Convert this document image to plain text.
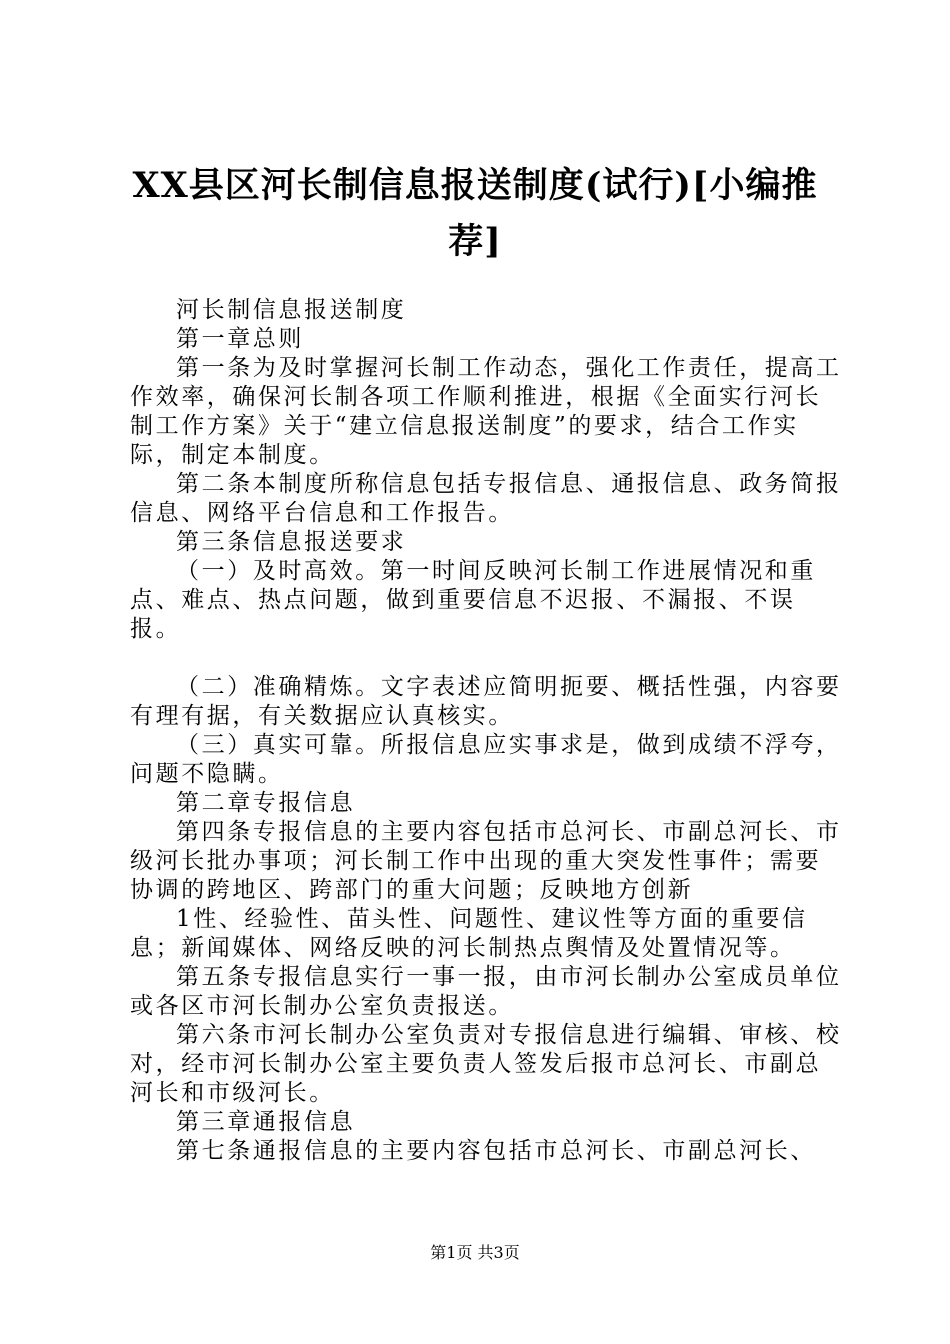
XX县区河长制信息报送制度(试行)[小编推荐]

河长制信息报送制度

第一章总则

第一条为及时掌握河长制工作动态，强化工作责任，提高工作效率，确保河长制各项工作顺利推进，根据《全面实行河长制工作方案》关于“建立信息报送制度”的要求，结合工作实际，制定本制度。

第二条本制度所称信息包括专报信息、通报信息、政务简报信息、网络平台信息和工作报告。

第三条信息报送要求

（一）及时高效。第一时间反映河长制工作进展情况和重点、难点、热点问题，做到重要信息不迟报、不漏报、不误报。

（二）准确精炼。文字表述应简明扼要、概括性强，内容要有理有据，有关数据应认真核实。

（三）真实可靠。所报信息应实事求是，做到成绩不浮夸，问题不隐瞒。

第二章专报信息

第四条专报信息的主要内容包括市总河长、市副总河长、市级河长批办事项；河长制工作中出现的重大突发性事件；需要协调的跨地区、跨部门的重大问题；反映地方创新

1性、经验性、苗头性、问题性、建议性等方面的重要信息；新闻媒体、网络反映的河长制热点舆情及处置情况等。

第五条专报信息实行一事一报，由市河长制办公室成员单位或各区市河长制办公室负责报送。

第六条市河长制办公室负责对专报信息进行编辑、审核、校对，经市河长制办公室主要负责人签发后报市总河长、市副总河长和市级河长。

第三章通报信息

第七条通报信息的主要内容包括市总河长、市副总河长、

第1页 共3页
